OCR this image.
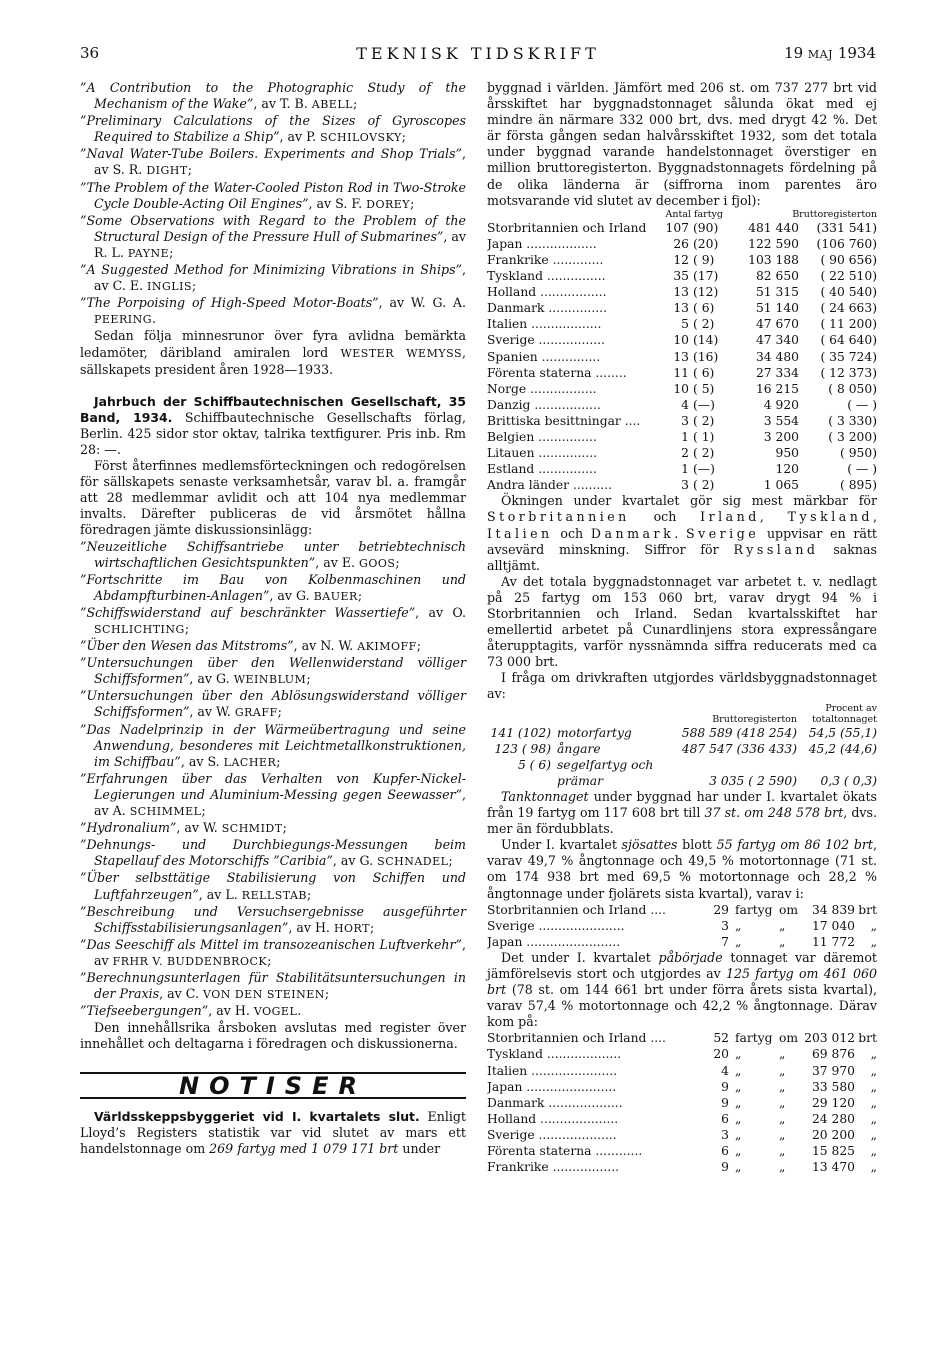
36	TEKNISK TIDSKRIFT	19 MAJ 1934

”A Contribution to the Photographic Study of the Mechanism of the Wake”, av T. B. ABELL;

”Preliminary Calculations of the Sizes of Gyroscopes Required to Stabilize a Ship”, av P. SCHILOVSKY;

”Naval Water-Tube Boilers. Experiments and Shop Trials”, av S. R. DIGHT;

”The Problem of the Water-Cooled Piston Rod in Two-Stroke Cycle Double-Acting Oil Engines”, av S. F. DOREY;

”Some Observations with Regard to the Problem of the Structural Design of the Pressure Hull of Submarines”, av R. L. PAYNE;

”A Suggested Method for Minimizing Vibrations in Ships”, av C. E. INGLIS;

”The Porpoising of High-Speed Motor-Boats”, av W. G. A. PEERING.

Sedan följa minnesrunor över fyra avlidna bemärkta ledamöter, däribland amiralen lord WESTER WEMYSS, sällskapets president åren 1928—1933.

Jahrbuch der Schiffbautechnischen Gesellschaft, 35 Band, 1934. Schiffbautechnische Gesellschafts förlag, Berlin. 425 sidor stor oktav, talrika textfigurer. Pris inb. Rm 28: —.

Först återfinnes medlemsförteckningen och redogörelsen för sällskapets senaste verksamhetsår, varav bl. a. framgår att 28 medlemmar avlidit och att 104 nya medlemmar invalts. Därefter publiceras de vid årsmötet hållna föredragen jämte diskussionsinlägg:

”Neuzeitliche Schiffsantriebe unter betriebtechnisch wirtschaftlichen Gesichtspunkten”, av E. GOOS;

”Fortschritte im Bau von Kolbenmaschinen und Abdampfturbinen-Anlagen”, av G. BAUER;

”Schiffswiderstand auf beschränkter Wassertiefe”, av O. SCHLICHTING;

”Über den Wesen das Mitstroms”, av N. W. AKIMOFF;

”Untersuchungen über den Wellenwiderstand völliger Schiffsformen”, av G. WEINBLUM;

”Untersuchungen über den Ablösungswiderstand völliger Schiffsformen”, av W. GRAFF;

”Das Nadelprinzip in der Wärmeübertragung und seine Anwendung, besonderes mit Leichtmetallkonstruktionen, im Schiffbau”, av S. LACHER;

”Erfahrungen über das Verhalten von Kupfer-Nickel-Legierungen und Aluminium-Messing gegen Seewasser”, av A. SCHIMMEL;

”Hydronalium”, av W. SCHMIDT;

”Dehnungs- und Durchbiegungs-Messungen beim Stapellauf des Motorschiffs ”Caribia”, av G. SCHNADEL;

”Über selbsttätige Stabilisierung von Schiffen und Luftfahrzeugen”, av L. RELLSTAB;

”Beschreibung und Versuchsergebnisse ausgeführter Schiffsstabilisierungsanlagen”, av H. HORT;

”Das Seeschiff als Mittel im transozeanischen Luftverkehr”, av FRHR V. BUDDENBROCK;

”Berechnungsunterlagen für Stabilitätsuntersuchungen in der Praxis, av C. VON DEN STEINEN;

”Tiefseebergungen”, av H. VOGEL.

Den innehållsrika årsboken avslutas med register över innehållet och deltagarna i föredragen och diskussionerna.

NOTISER

Världsskeppsbyggeriet vid I. kvartalets slut. Enligt Lloyd’s Registers statistik var vid slutet av mars ett handelstonnage om 269 fartyg med 1 079 171 brt under

byggnad i världen. Jämfört med 206 st. om 737 277 brt vid årsskiftet har byggnadstonnaget sålunda ökat med ej mindre än närmare 332 000 brt, dvs. med drygt 42 %. Det är första gången sedan halvårsskiftet 1932, som det totala under byggnad varande handelstonnaget överstiger en million bruttoregisterton. Byggnadstonnagets fördelning på de olika länderna är (siffrorna inom parentes äro motsvarande vid slutet av december i fjol):

	Antal fartyg		Bruttoregisterton	
Storbritannien och Irland	107	(90)	481 440	(331 541)
Japan ..................	26	(20)	122 590	(106 760)
Frankrike .............	12	( 9)	103 188	( 90 656)
Tyskland ...............	35	(17)	82 650	( 22 510)
Holland .................	13	(12)	51 315	( 40 540)
Danmark ...............	13	( 6)	51 140	( 24 663)
Italien ..................	5	( 2)	47 670	( 11 200)
Sverige .................	10	(14)	47 340	( 64 640)
Spanien ...............	13	(16)	34 480	( 35 724)
Förenta staterna ........	11	( 6)	27 334	( 12 373)
Norge .................	10	( 5)	16 215	( 8 050)
Danzig .................	4	(—)	4 920	( — )
Brittiska besittningar ....	3	( 2)	3 554	( 3 330)
Belgien ...............	1	( 1)	3 200	( 3 200)
Litauen ...............	2	( 2)	950	( 950)
Estland ...............	1	(—)	120	( — )
Andra länder ..........	3	( 2)	1 065	( 895)

Ökningen under kvartalet gör sig mest märkbar för Storbritannien och Irland, Tyskland, Italien och Danmark. Sverige uppvisar en rätt avsevärd minskning. Siffror för Ryssland saknas alltjämt.

Av det totala byggnadstonnaget var arbetet t. v. nedlagt på 25 fartyg om 153 060 brt, varav drygt 94 % i Storbritannien och Irland. Sedan kvartalsskiftet har emellertid arbetet på Cunardlinjens stora expressångare återupptagits, varför nyssnämnda siffra reducerats med ca 73 000 brt.

I fråga om drivkraften utgjordes världsbyggnadstonnaget av:

		Bruttoregisterton	Procent av
totaltonnaget
141 (102)	motorfartyg	588 589 (418 254)	54,5 (55,1)
123 ( 98)	ångare	487 547 (336 433)	45,2 (44,6)
5 ( 6)	segelfartyg och		
	prämar	3 035 ( 2 590)	0,3 ( 0,3)

Tanktonnaget under byggnad har under I. kvartalet ökats från 19 fartyg om 117 608 brt till 37 st. om 248 578 brt, dvs. mer än fördubblats.

Under I. kvartalet sjösattes blott 55 fartyg om 86 102 brt, varav 49,7 % ångtonnage och 49,5 % motortonnage (71 st. om 174 938 brt med 69,5 % motortonnage och 28,2 % ångtonnage under fjolärets sista kvartal), varav i:

Storbritannien och Irland ....	29	fartyg	om	34 839	brt
Sverige ......................	3	„	„	17 040	„
Japan ........................	7	„	„	11 772	„

Det under I. kvartalet påbörjade tonnaget var däremot jämförelsevis stort och utgjordes av 125 fartyg om 461 060 brt (78 st. om 144 661 brt under förra årets sista kvartal), varav 57,4 % motortonnage och 42,2 % ångtonnage. Därav kom på:

Storbritannien och Irland ....	52	fartyg	om	203 012	brt
Tyskland ...................	20	„	„	69 876	„
Italien ......................	4	„	„	37 970	„
Japan .......................	9	„	„	33 580	„
Danmark ...................	9	„	„	29 120	„
Holland ....................	6	„	„	24 280	„
Sverige ....................	3	„	„	20 200	„
Förenta staterna ............	6	„	„	15 825	„
Frankrike .................	9	„	„	13 470	„
